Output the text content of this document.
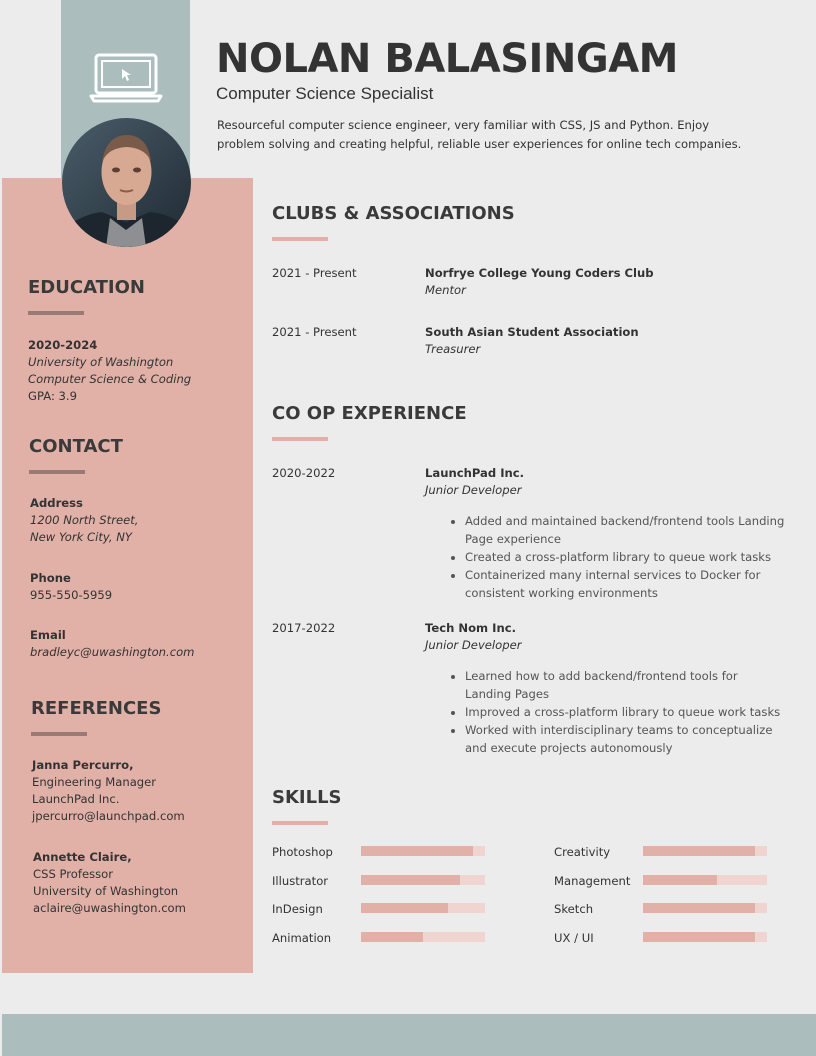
NOLAN BALASINGAM
Computer Science Specialist
Resourceful computer science engineer, very familiar with CSS, JS and Python. Enjoy problem solving and creating helpful, reliable user experiences for online tech companies.
EDUCATION
2020-2024
University of Washington
Computer Science & Coding
GPA: 3.9
CONTACT
Address
1200 North Street,
New York City, NY
Phone
955-550-5959
Email
bradleyc@uwashington.com
REFERENCES
Janna Percurro,
Engineering Manager
LaunchPad Inc.
jpercurro@launchpad.com
Annette Claire,
CSS Professor
University of Washington
aclaire@uwashington.com
CLUBS & ASSOCIATIONS
2021 - Present	Norfrye College Young Coders Club
Mentor
2021 - Present	South Asian Student Association
Treasurer
CO OP EXPERIENCE
2020-2022	LaunchPad Inc.
Junior Developer
• Added and maintained backend/frontend tools Landing Page experience
• Created a cross-platform library to queue work tasks
• Containerized many internal services to Docker for consistent working environments
2017-2022	Tech Nom Inc.
Junior Developer
• Learned how to add backend/frontend tools for Landing Pages
• Improved a cross-platform library to queue work tasks
• Worked with interdisciplinary teams to conceptualize and execute projects autonomously
SKILLS
Photoshop
Illustrator
InDesign
Animation
Creativity
Management
Sketch
UX / UI
